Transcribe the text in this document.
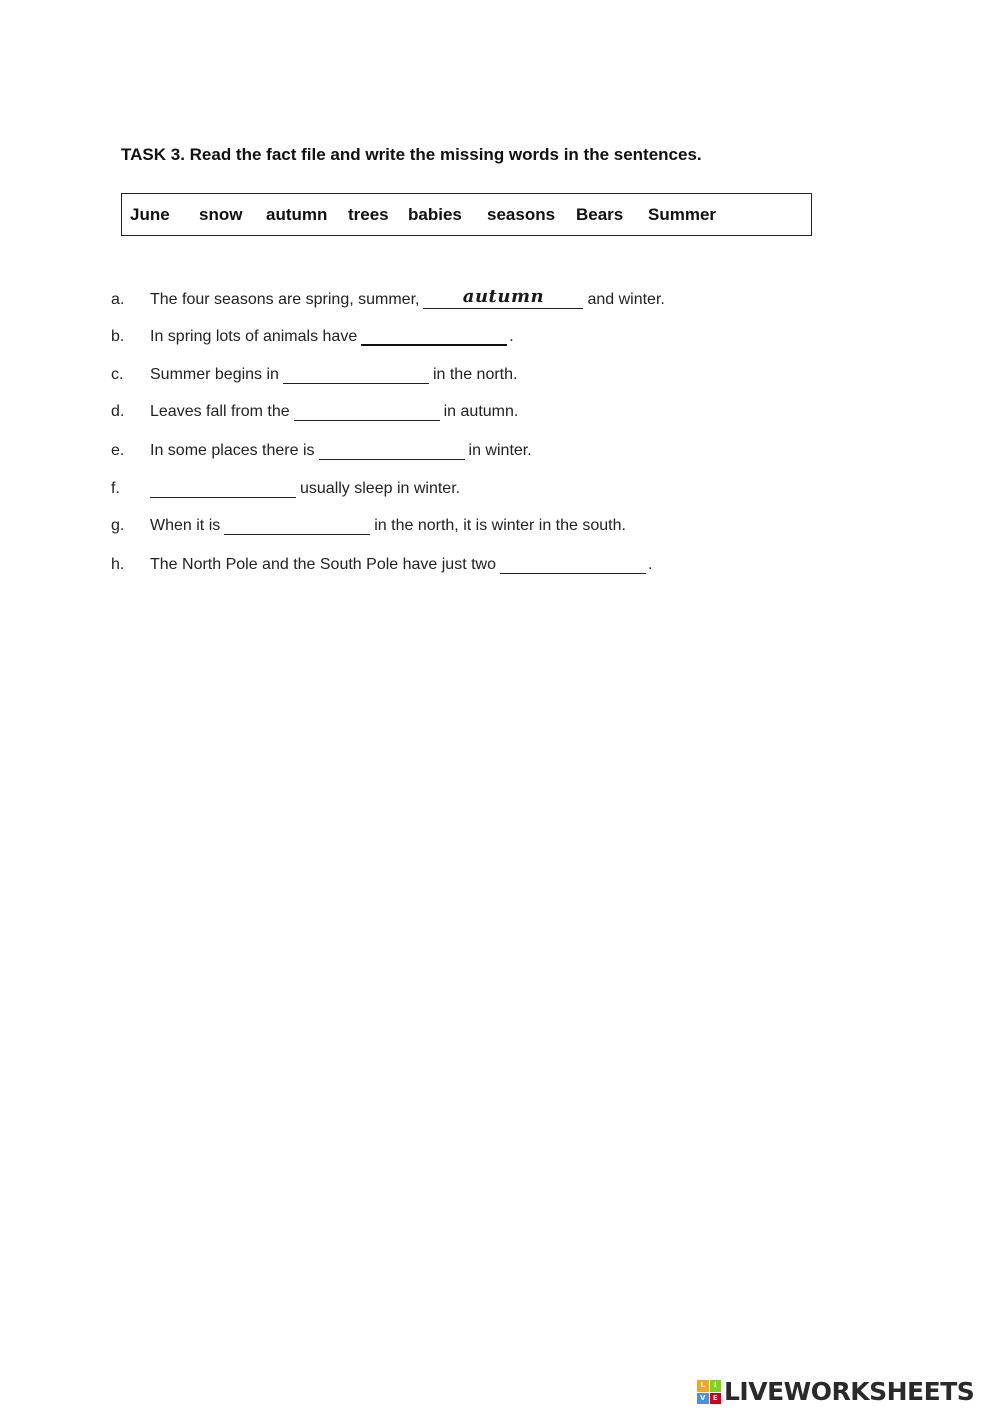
TASK 3. Read the fact file and write the missing words in the sentences.
June snow autumn trees babies seasons Bears Summer
a. The four seasons are spring, summer,	autumn	and winter.
b. In spring lots of animals have	.
c. Summer begins in	in the north.
d. Leaves fall from the	in autumn.
e. In some places there is	in winter.
f.	usually sleep in winter.
g. When it is	in the north, it is winter in the south.
h. The North Pole and the South Pole have just two	.
L	I
V	E LIVEWORKSHEETS
